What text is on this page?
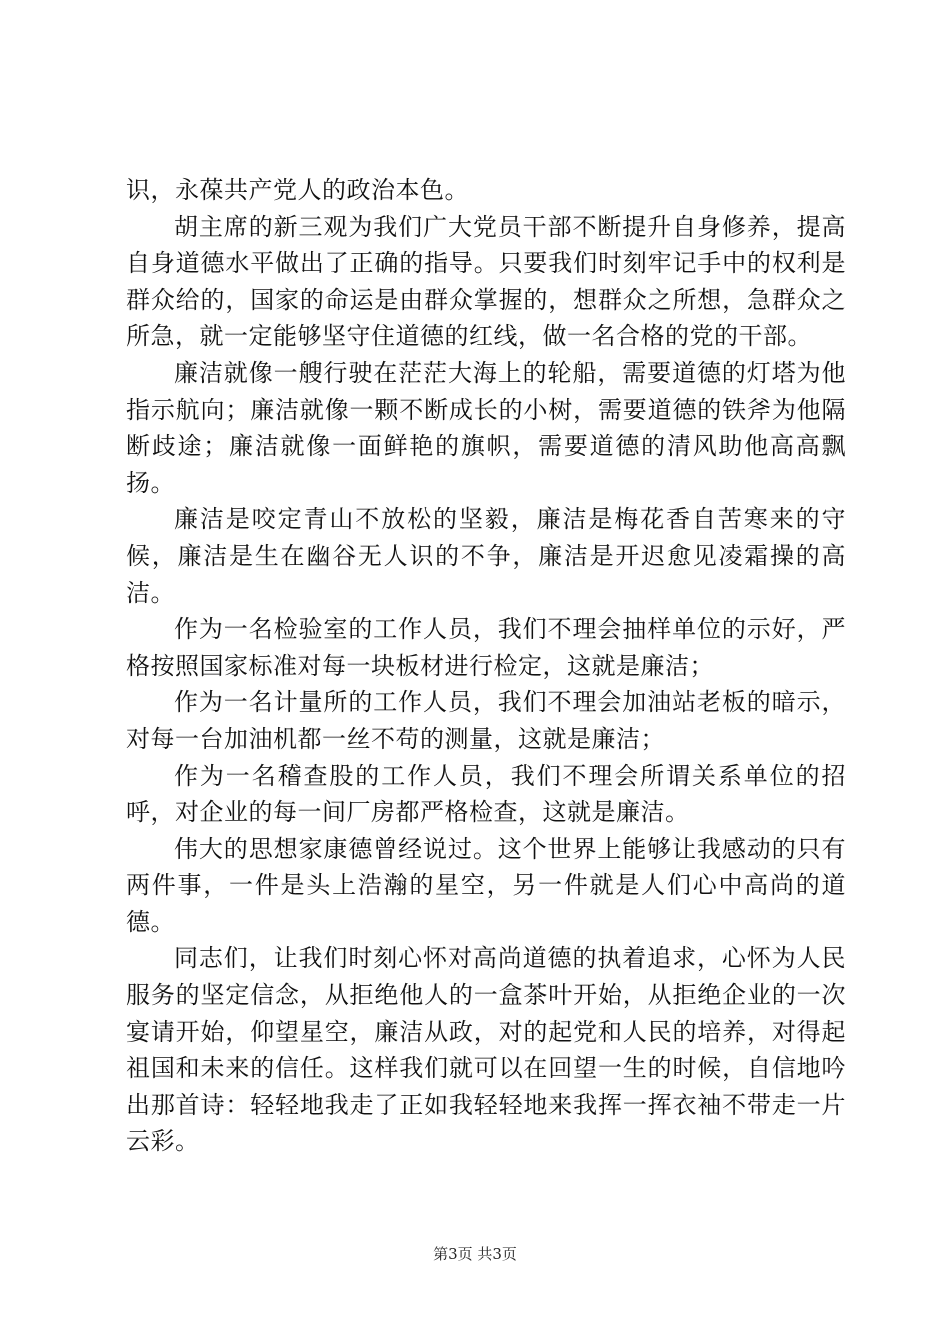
识，永葆共产党人的政治本色。

胡主席的新三观为我们广大党员干部不断提升自身修养，提高自身道德水平做出了正确的指导。只要我们时刻牢记手中的权利是群众给的，国家的命运是由群众掌握的，想群众之所想，急群众之所急，就一定能够坚守住道德的红线，做一名合格的党的干部。

廉洁就像一艘行驶在茫茫大海上的轮船，需要道德的灯塔为他指示航向；廉洁就像一颗不断成长的小树，需要道德的铁斧为他隔断歧途；廉洁就像一面鲜艳的旗帜，需要道德的清风助他高高飘扬。

廉洁是咬定青山不放松的坚毅，廉洁是梅花香自苦寒来的守候，廉洁是生在幽谷无人识的不争，廉洁是开迟愈见凌霜操的高洁。

作为一名检验室的工作人员，我们不理会抽样单位的示好，严格按照国家标准对每一块板材进行检定，这就是廉洁；

作为一名计量所的工作人员，我们不理会加油站老板的暗示，对每一台加油机都一丝不苟的测量，这就是廉洁；

作为一名稽查股的工作人员，我们不理会所谓关系单位的招呼，对企业的每一间厂房都严格检查，这就是廉洁。

伟大的思想家康德曾经说过。这个世界上能够让我感动的只有两件事，一件是头上浩瀚的星空，另一件就是人们心中高尚的道德。

同志们，让我们时刻心怀对高尚道德的执着追求，心怀为人民服务的坚定信念，从拒绝他人的一盒茶叶开始，从拒绝企业的一次宴请开始，仰望星空，廉洁从政，对的起党和人民的培养，对得起祖国和未来的信任。这样我们就可以在回望一生的时候，自信地吟出那首诗：轻轻地我走了正如我轻轻地来我挥一挥衣袖不带走一片云彩。

第3页 共3页
